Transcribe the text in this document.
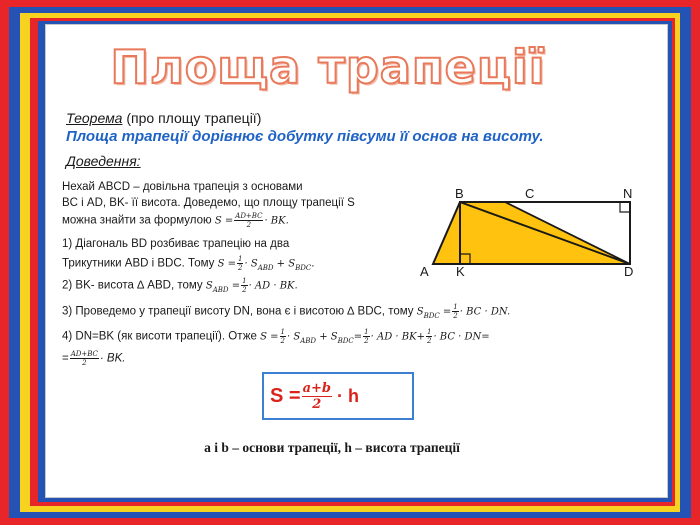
Площа трапеції
Теорема (про площу трапеції)
Площа трапеції дорівнює добутку півсуми її основ на висоту.
Доведення:
Нехай ABCD – довільна трапеція з основами
BC і AD, BK- її висота. Доведемо, що площу трапеції S
можна знайти за формулою $S = \frac{AD+BC}{2}$ · BK.
1) Діагональ BD розбиває трапецію на два
Трикутники ABD і BDC. Тому $S = \frac{1}{2} \cdot S_{ABD} + S_{BDC}$.
2) BK- висота ∆ ABD, тому $S_{ABD} = \frac{1}{2}$ · AD · BK.
3) Проведемо у трапеції висоту DN, вона є і висотою ∆ BDC, тому $S_{BDC} = \frac{1}{2}$ · BC · DN.
4) DN=BK (як висоти трапеції). Отже $S = \frac{1}{2} \cdot S_{ABD} + S_{BDC}= \frac{1}{2}$ · AD · $BK+ \frac{1}{2}$ · BC · DN=
= $\frac{AD+BC}{2}$ · BK.
B	C	N
A K	D
$S = \frac{a+b}{2} \cdot h$
a і b – основи трапеції, h – висота трапеції
